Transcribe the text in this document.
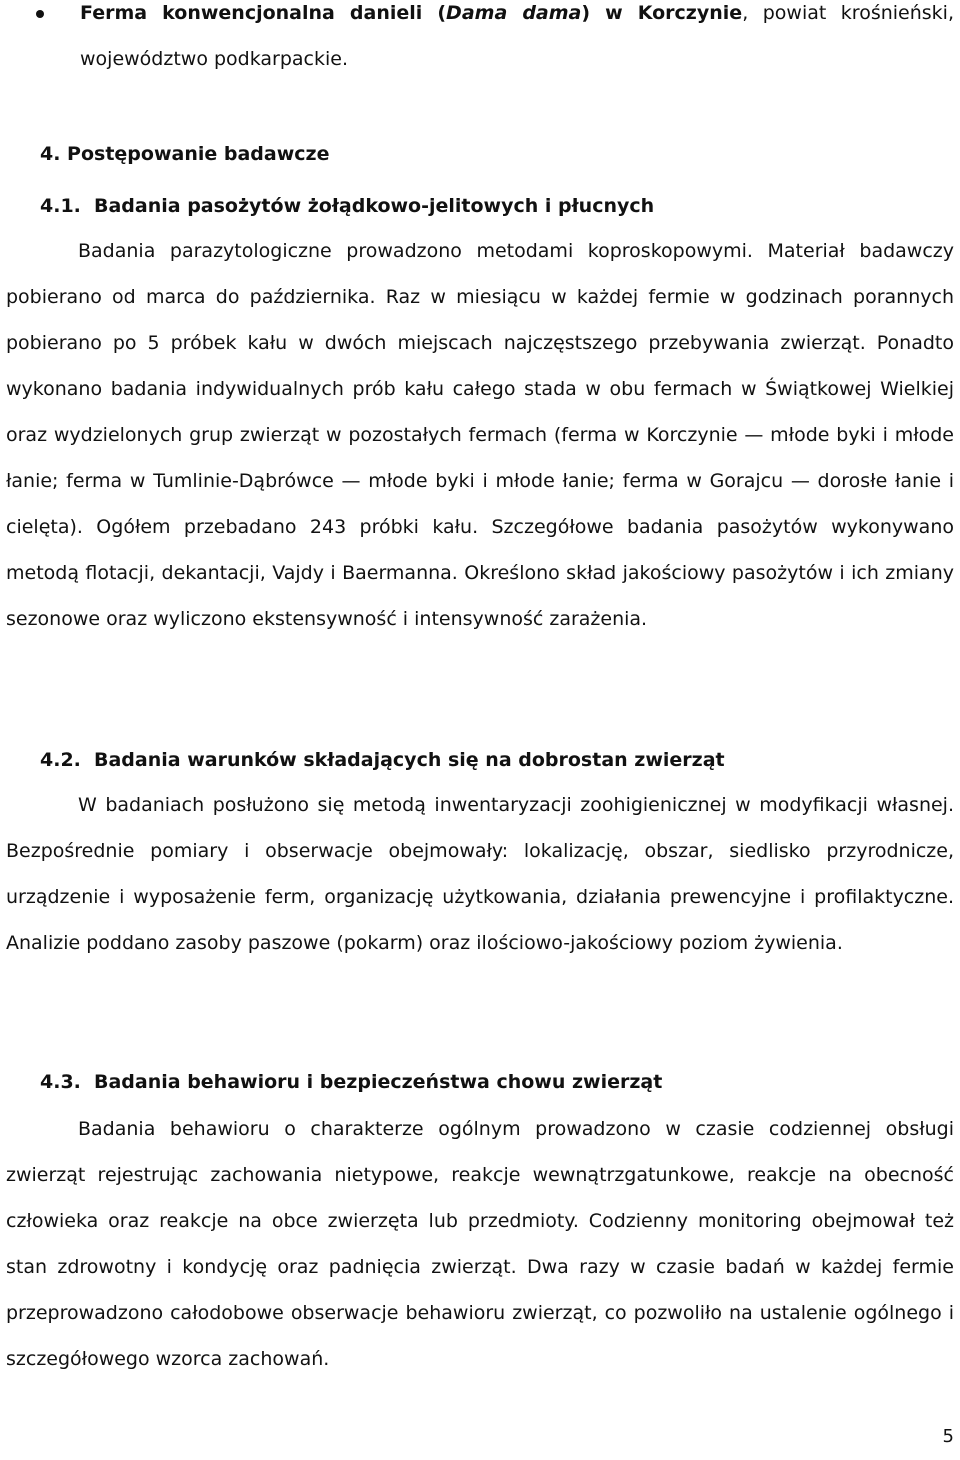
Ferma konwencjonalna danieli (Dama dama) w Korczynie, powiat krośnieński, województwo podkarpackie.
4. Postępowanie badawcze
4.1. Badania pasożytów żołądkowo-jelitowych i płucnych
Badania parazytologiczne prowadzono metodami koproskopowymi. Materiał badawczy pobierano od marca do października. Raz w miesiącu w każdej fermie w godzinach porannych pobierano po 5 próbek kału w dwóch miejscach najczęstszego przebywania zwierząt. Ponadto wykonano badania indywidualnych prób kału całego stada w obu fermach w Świątkowej Wielkiej oraz wydzielonych grup zwierząt w pozostałych fermach (ferma w Korczynie — młode byki i młode łanie; ferma w Tumlinie-Dąbrówce — młode byki i młode łanie; ferma w Gorajcu — dorosłe łanie i cielęta). Ogółem przebadano 243 próbki kału. Szczegółowe badania pasożytów wykonywano metodą flotacji, dekantacji, Vajdy i Baermanna. Określono skład jakościowy pasożytów i ich zmiany sezonowe oraz wyliczono ekstensywność i intensywność zarażenia.
4.2. Badania warunków składających się na dobrostan zwierząt
W badaniach posłużono się metodą inwentaryzacji zoohigienicznej w modyfikacji własnej. Bezpośrednie pomiary i obserwacje obejmowały: lokalizację, obszar, siedlisko przyrodnicze, urządzenie i wyposażenie ferm, organizację użytkowania, działania prewencyjne i profilaktyczne. Analizie poddano zasoby paszowe (pokarm) oraz ilościowo-jakościowy poziom żywienia.
4.3. Badania behawioru i bezpieczeństwa chowu zwierząt
Badania behawioru o charakterze ogólnym prowadzono w czasie codziennej obsługi zwierząt rejestrując zachowania nietypowe, reakcje wewnątrzgatunkowe, reakcje na obecność człowieka oraz reakcje na obce zwierzęta lub przedmioty. Codzienny monitoring obejmował też stan zdrowotny i kondycję oraz padnięcia zwierząt. Dwa razy w czasie badań w każdej fermie przeprowadzono całodobowe obserwacje behawioru zwierząt, co pozwoliło na ustalenie ogólnego i szczegółowego wzorca zachowań.
5
